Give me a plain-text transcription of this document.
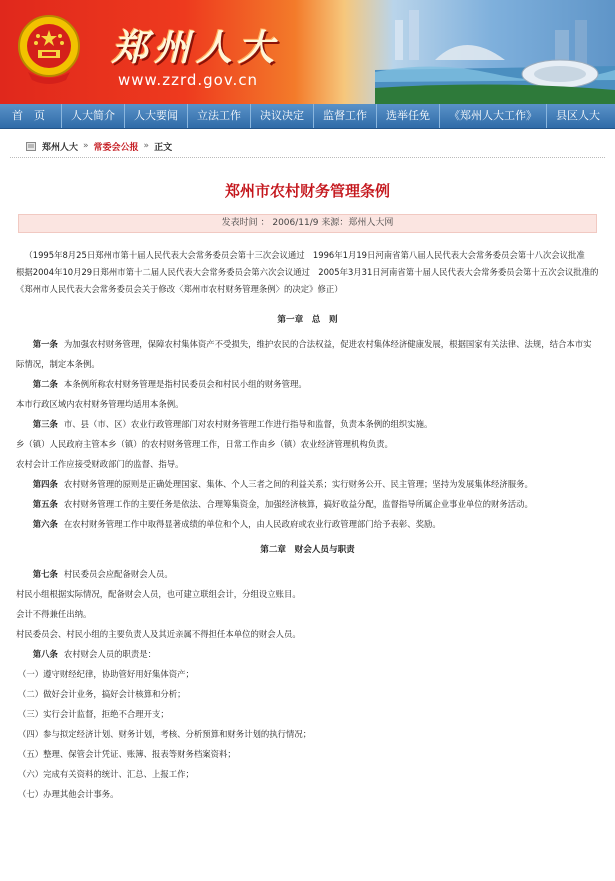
郑州人大
www.zzrd.gov.cn
首　页	人大简介	人大要闻	立法工作	决议决定	监督工作	选举任免	《郑州人大工作》	县区人大
郑州人大 » 常委会公报 » 正文
郑州市农村财务管理条例
发表时间 ： 2006/11/9 来源：郑州人大网

（1995年8月25日郑州市第十届人民代表大会常务委员会第十三次会议通过　1996年1月19日河南省第八届人民代表大会常务委员会第十八次会议批准　根据2004年10月29日郑州市第十二届人民代表大会常务委员会第六次会议通过　2005年3月31日河南省第十届人民代表大会常务委员会第十五次会议批准的《郑州市人民代表大会常务委员会关于修改〈郑州市农村财务管理条例〉的决定》修正）

第一章　总　则

第一条 为加强农村财务管理，保障农村集体资产不受损失，维护农民的合法权益，促进农村集体经济健康发展，根据国家有关法律、法规，结合本市实际情况，制定本条例。

第二条 本条例所称农村财务管理是指村民委员会和村民小组的财务管理。

本市行政区域内农村财务管理均适用本条例。

第三条 市、县（市、区）农业行政管理部门对农村财务管理工作进行指导和监督，负责本条例的组织实施。

乡（镇）人民政府主管本乡（镇）的农村财务管理工作，日常工作由乡（镇）农业经济管理机构负责。

农村会计工作应接受财政部门的监督、指导。

第四条 农村财务管理的原则是正确处理国家、集体、个人三者之间的利益关系；实行财务公开、民主管理；坚持为发展集体经济服务。

第五条 农村财务管理工作的主要任务是依法、合理筹集资金，加强经济核算，搞好收益分配，监督指导所属企业事业单位的财务活动。

第六条 在农村财务管理工作中取得显著成绩的单位和个人，由人民政府或农业行政管理部门给予表彰、奖励。

第二章　财会人员与职责

第七条 村民委员会应配备财会人员。

村民小组根据实际情况，配备财会人员，也可建立联组会计，分组设立账目。

会计不得兼任出纳。

村民委员会、村民小组的主要负责人及其近亲属不得担任本单位的财会人员。

第八条 农村财会人员的职责是：

（一）遵守财经纪律，协助管好用好集体资产；

（二）做好会计业务，搞好会计核算和分析；

（三）实行会计监督，拒绝不合理开支；

（四）参与拟定经济计划、财务计划，考核、分析预算和财务计划的执行情况；

（五）整理、保管会计凭证、账簿、报表等财务档案资料；

（六）完成有关资料的统计、汇总、上报工作；

（七）办理其他会计事务。
